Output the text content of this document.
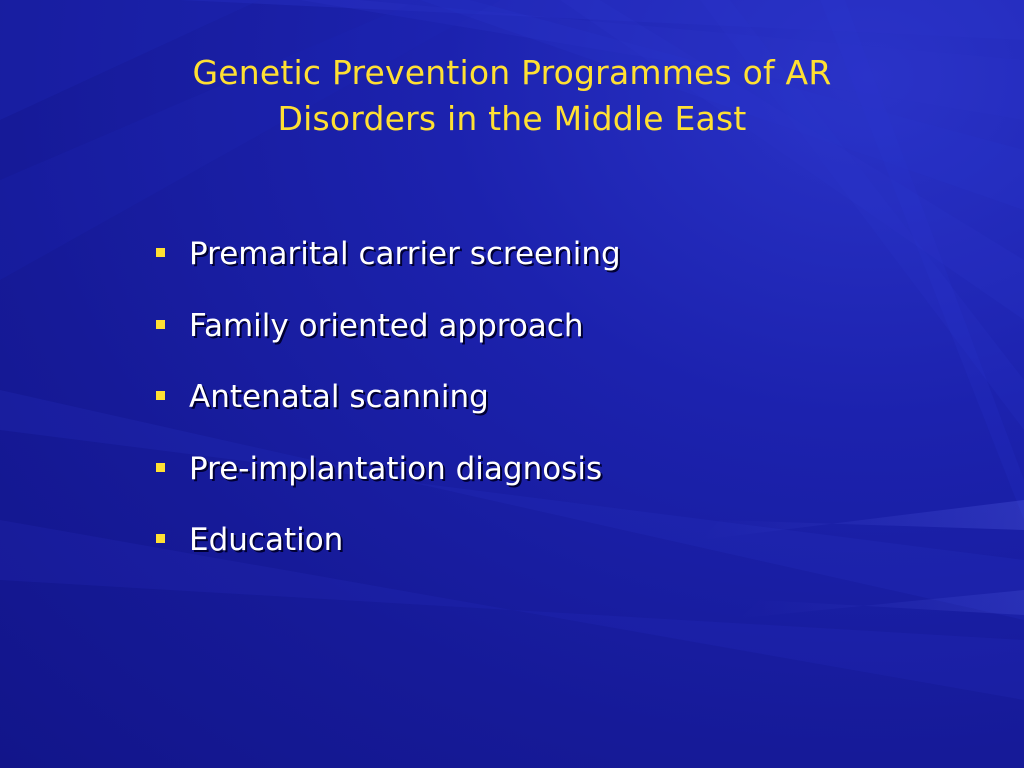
Genetic Prevention Programmes of AR
Disorders in the Middle East
Premarital carrier screening
Family oriented approach
Antenatal scanning
Pre-implantation diagnosis
Education
